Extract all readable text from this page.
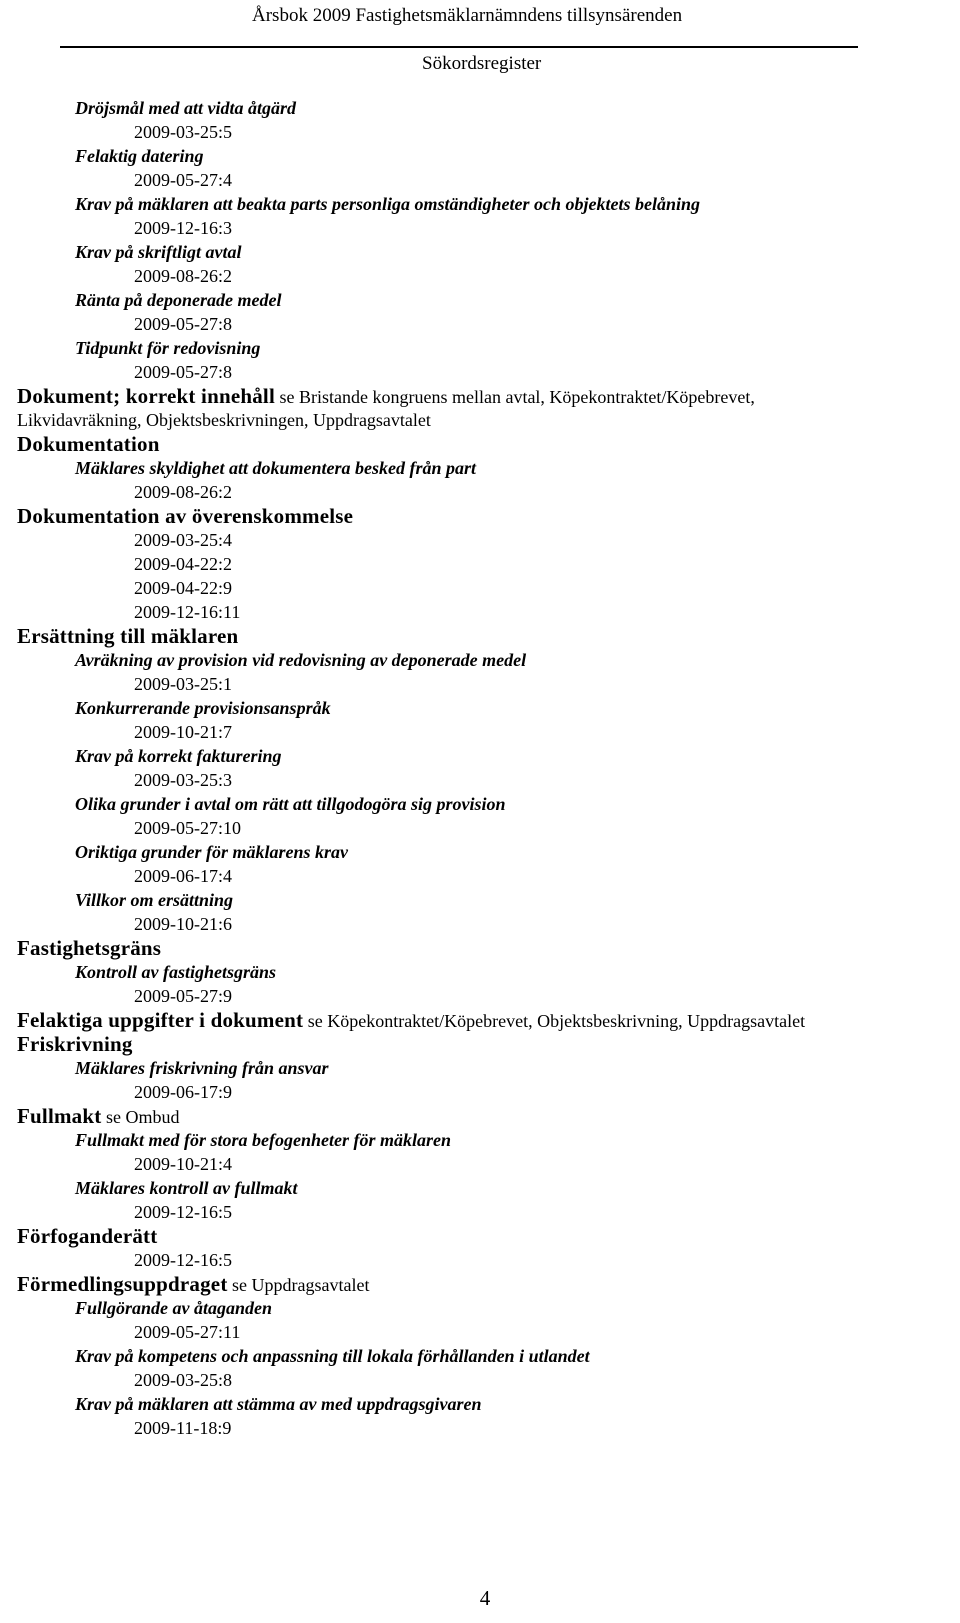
Årsbok 2009 Fastighetsmäklarnämndens tillsynsärenden
Sökordsregister
Dröjsmål med att vidta åtgärd
2009-03-25:5
Felaktig datering
2009-05-27:4
Krav på mäklaren att beakta parts personliga omständigheter och objektets belåning
2009-12-16:3
Krav på skriftligt avtal
2009-08-26:2
Ränta på deponerade medel
2009-05-27:8
Tidpunkt för redovisning
2009-05-27:8
Dokument; korrekt innehåll se Bristande kongruens mellan avtal, Köpekontraktet/Köpebrevet,
Likvidavräkning, Objektsbeskrivningen, Uppdragsavtalet
Dokumentation
Mäklares skyldighet att dokumentera besked från part
2009-08-26:2
Dokumentation av överenskommelse
2009-03-25:4
2009-04-22:2
2009-04-22:9
2009-12-16:11
Ersättning till mäklaren
Avräkning av provision vid redovisning av deponerade medel
2009-03-25:1
Konkurrerande provisionsanspråk
2009-10-21:7
Krav på korrekt fakturering
2009-03-25:3
Olika grunder i avtal om rätt att tillgodogöra sig provision
2009-05-27:10
Oriktiga grunder för mäklarens krav
2009-06-17:4
Villkor om ersättning
2009-10-21:6
Fastighetsgräns
Kontroll av fastighetsgräns
2009-05-27:9
Felaktiga uppgifter i dokument se Köpekontraktet/Köpebrevet, Objektsbeskrivning, Uppdragsavtalet
Friskrivning
Mäklares friskrivning från ansvar
2009-06-17:9
Fullmakt se Ombud
Fullmakt med för stora befogenheter för mäklaren
2009-10-21:4
Mäklares kontroll av fullmakt
2009-12-16:5
Förfoganderätt
2009-12-16:5
Förmedlingsuppdraget se Uppdragsavtalet
Fullgörande av åtaganden
2009-05-27:11
Krav på kompetens och anpassning till lokala förhållanden i utlandet
2009-03-25:8
Krav på mäklaren att stämma av med uppdragsgivaren
2009-11-18:9
4
